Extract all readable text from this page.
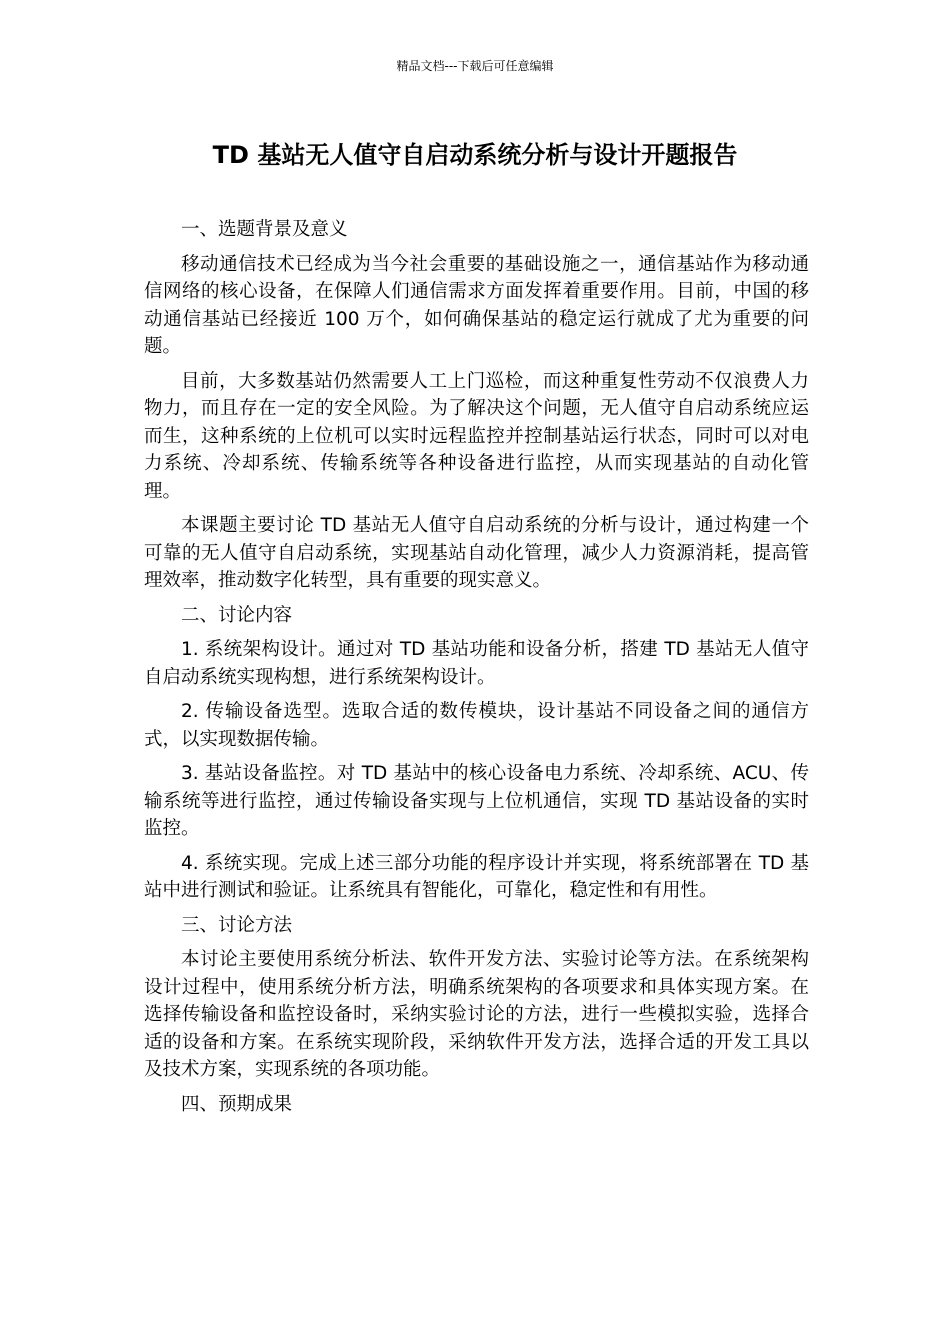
精品文档---下载后可任意编辑
TD 基站无人值守自启动系统分析与设计开题报告

一、选题背景及意义

移动通信技术已经成为当今社会重要的基础设施之一，通信基站作为移动通信网络的核心设备，在保障人们通信需求方面发挥着重要作用。目前，中国的移动通信基站已经接近 100 万个，如何确保基站的稳定运行就成了尤为重要的问题。

目前，大多数基站仍然需要人工上门巡检，而这种重复性劳动不仅浪费人力物力，而且存在一定的安全风险。为了解决这个问题，无人值守自启动系统应运而生，这种系统的上位机可以实时远程监控并控制基站运行状态，同时可以对电力系统、冷却系统、传输系统等各种设备进行监控，从而实现基站的自动化管理。

本课题主要讨论 TD 基站无人值守自启动系统的分析与设计，通过构建一个可靠的无人值守自启动系统，实现基站自动化管理，减少人力资源消耗，提高管理效率，推动数字化转型，具有重要的现实意义。

二、讨论内容

1. 系统架构设计。通过对 TD 基站功能和设备分析，搭建 TD 基站无人值守自启动系统实现构想，进行系统架构设计。

2. 传输设备选型。选取合适的数传模块，设计基站不同设备之间的通信方式，以实现数据传输。

3. 基站设备监控。对 TD 基站中的核心设备电力系统、冷却系统、ACU、传输系统等进行监控，通过传输设备实现与上位机通信，实现 TD 基站设备的实时监控。

4. 系统实现。完成上述三部分功能的程序设计并实现，将系统部署在 TD 基站中进行测试和验证。让系统具有智能化，可靠化，稳定性和有用性。

三、讨论方法

本讨论主要使用系统分析法、软件开发方法、实验讨论等方法。在系统架构设计过程中，使用系统分析方法，明确系统架构的各项要求和具体实现方案。在选择传输设备和监控设备时，采纳实验讨论的方法，进行一些模拟实验，选择合适的设备和方案。在系统实现阶段，采纳软件开发方法，选择合适的开发工具以及技术方案，实现系统的各项功能。

四、预期成果
